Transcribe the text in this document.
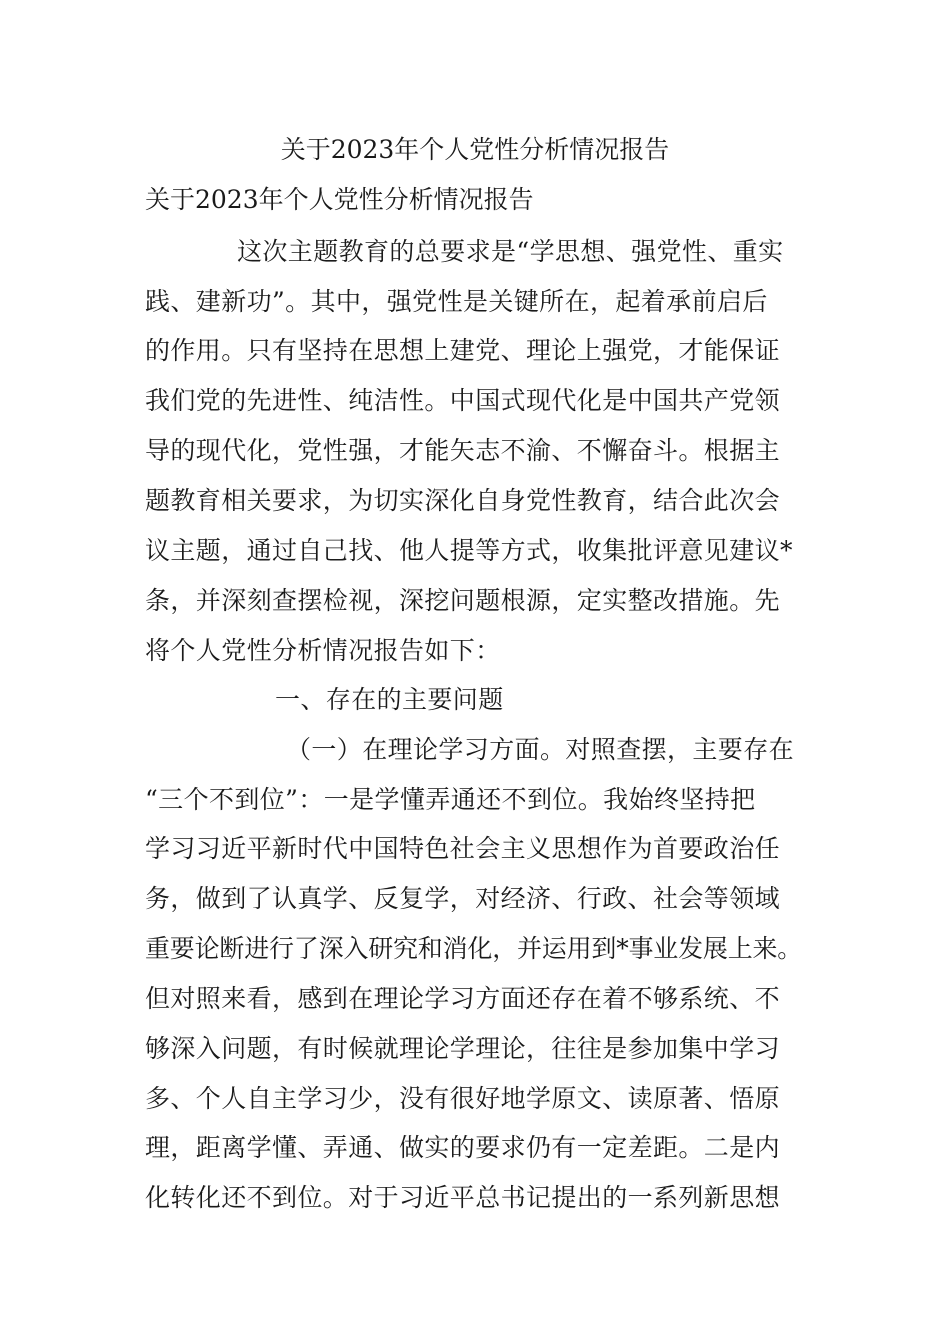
关于2023年个人党性分析情况报告
关于2023年个人党性分析情况报告
这次主题教育的总要求是“学思想、强党性、重实
践、建新功”。其中，强党性是关键所在，起着承前启后
的作用。只有坚持在思想上建党、理论上强党，才能保证
我们党的先进性、纯洁性。中国式现代化是中国共产党领
导的现代化，党性强，才能矢志不渝、不懈奋斗。根据主
题教育相关要求，为切实深化自身党性教育，结合此次会
议主题，通过自己找、他人提等方式，收集批评意见建议*
条，并深刻查摆检视，深挖问题根源，定实整改措施。先
将个人党性分析情况报告如下：
一、存在的主要问题
（一）在理论学习方面。对照查摆，主要存在
“三个不到位”：一是学懂弄通还不到位。我始终坚持把
学习习近平新时代中国特色社会主义思想作为首要政治任
务，做到了认真学、反复学，对经济、行政、社会等领域
重要论断进行了深入研究和消化，并运用到*事业发展上来。
但对照来看，感到在理论学习方面还存在着不够系统、不
够深入问题，有时候就理论学理论，往往是参加集中学习
多、个人自主学习少，没有很好地学原文、读原著、悟原
理，距离学懂、弄通、做实的要求仍有一定差距。二是内
化转化还不到位。对于习近平总书记提出的一系列新思想
